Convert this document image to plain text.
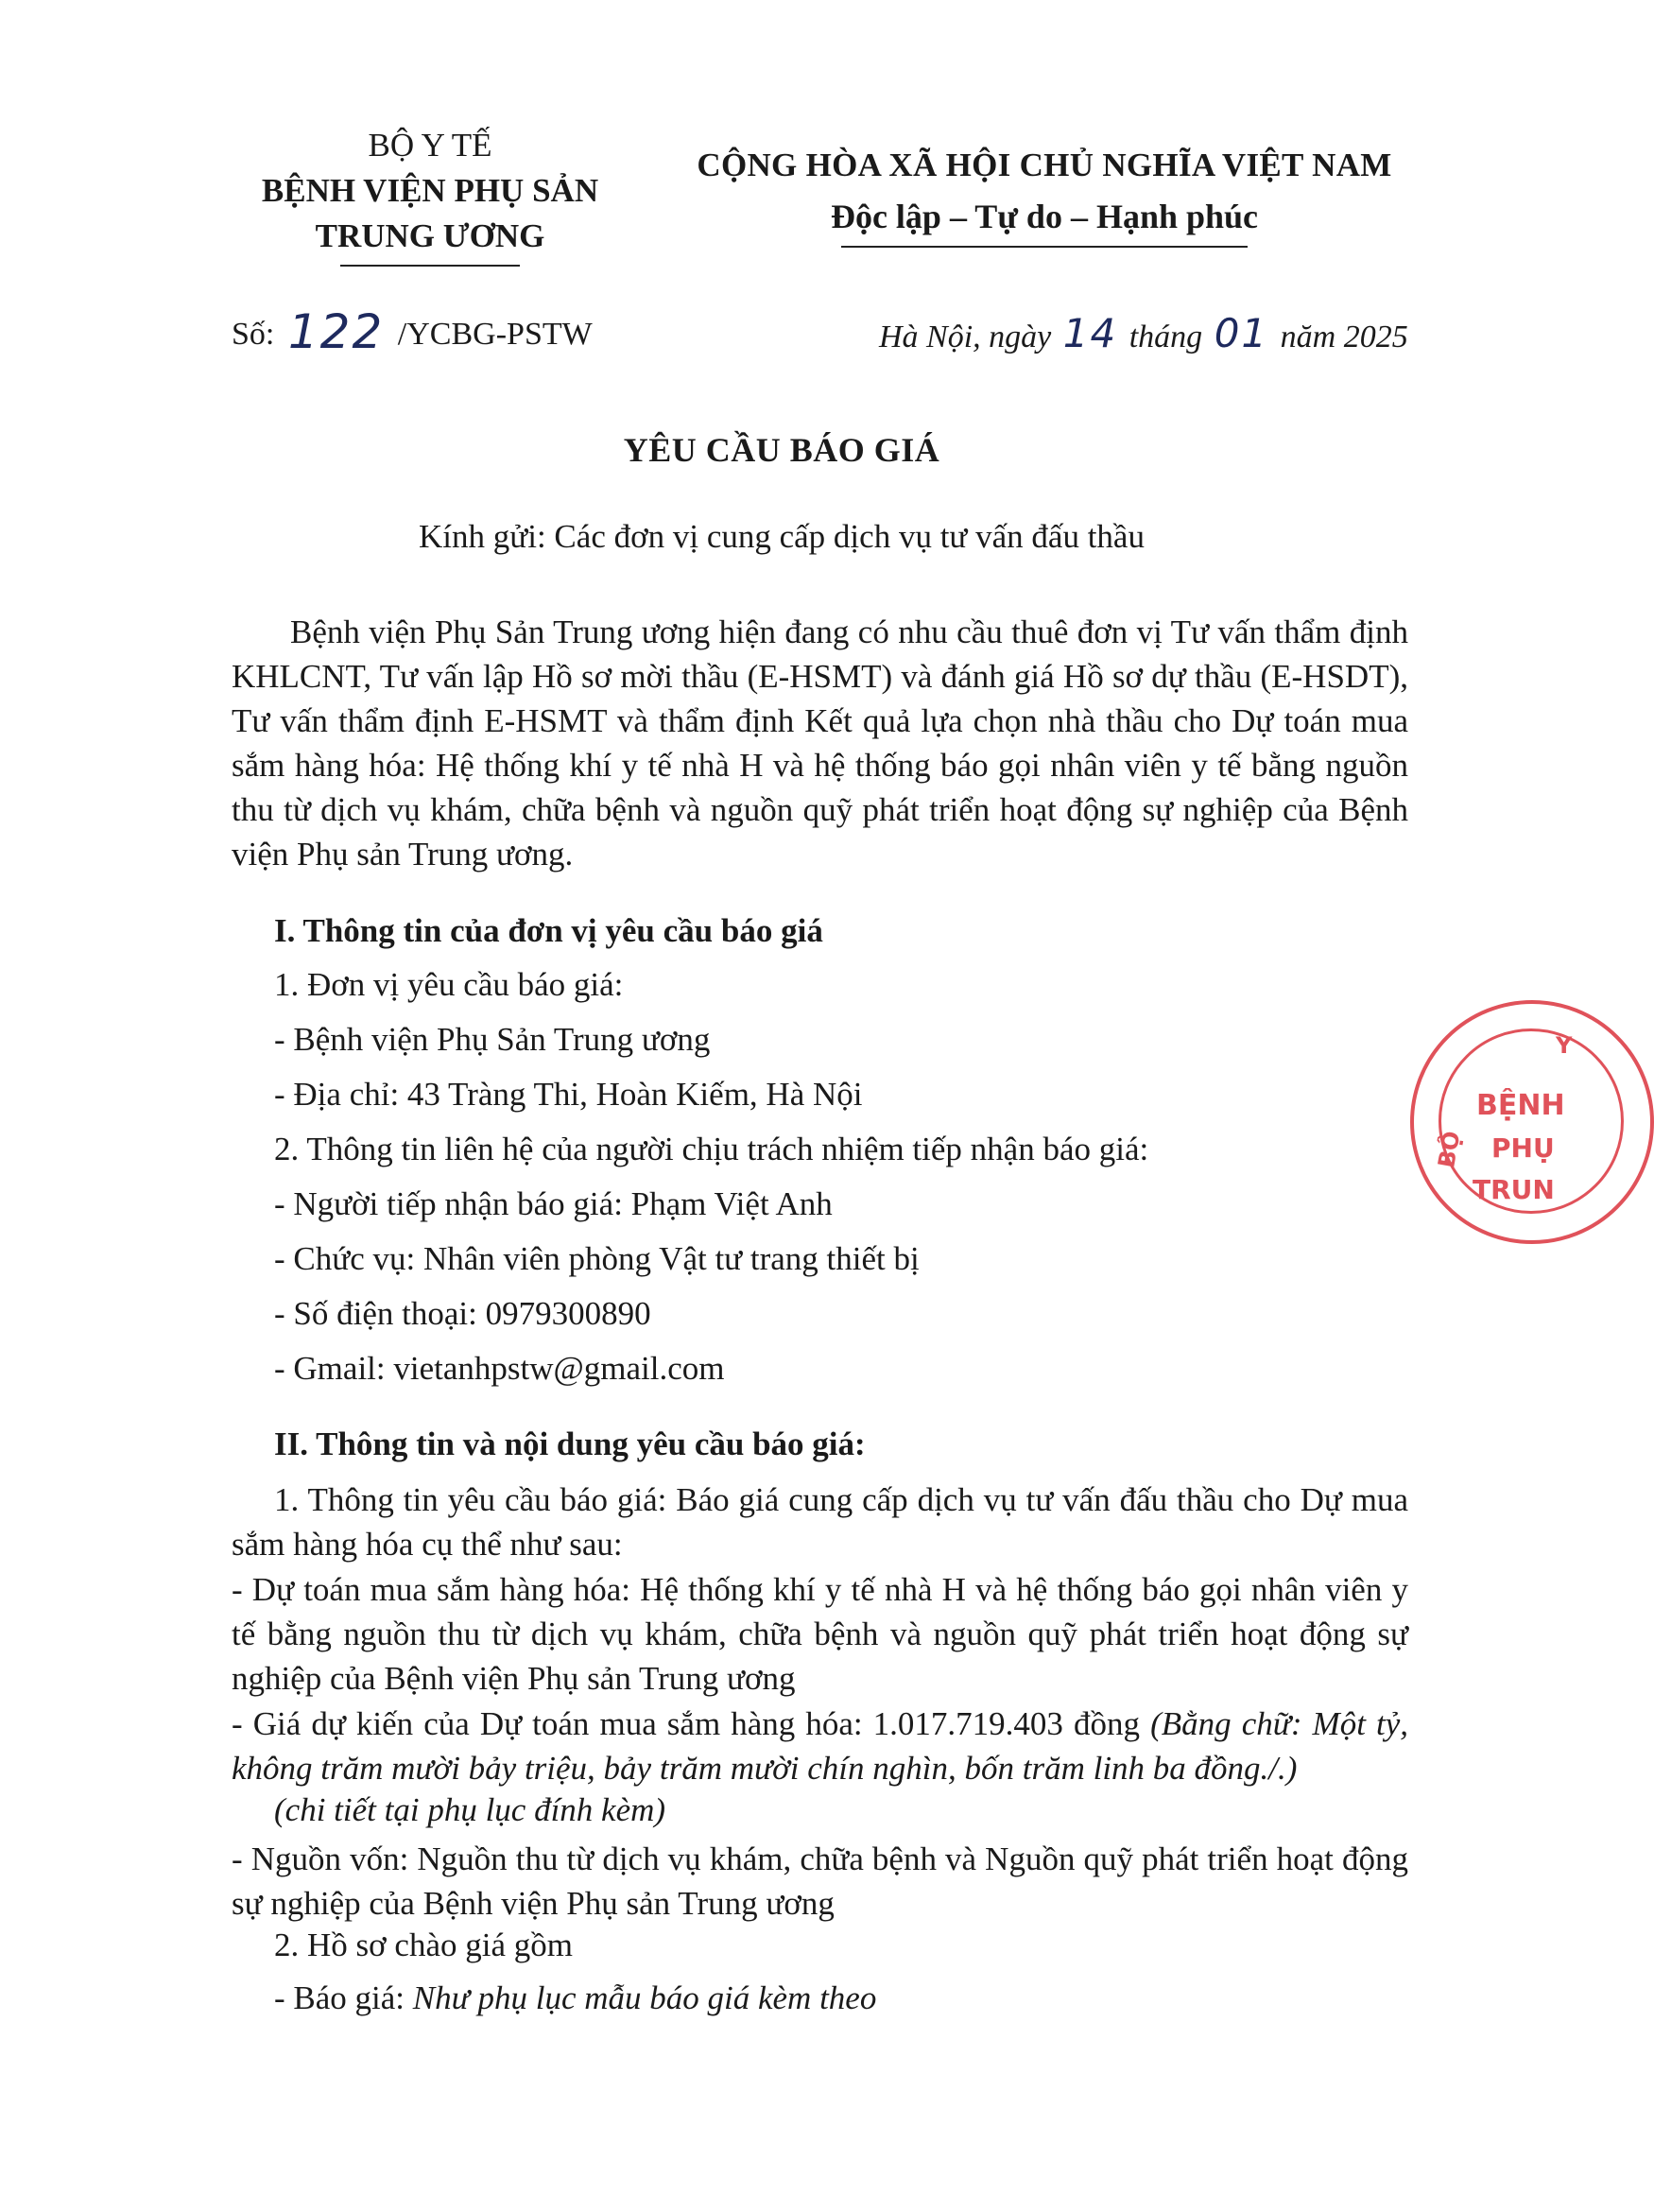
BỘ Y TẾ
BỆNH VIỆN PHỤ SẢN
TRUNG ƯƠNG
CỘNG HÒA XÃ HỘI CHỦ NGHĨA VIỆT NAM
Độc lập – Tự do – Hạnh phúc
Số: 122 /YCBG-PSTW	Hà Nội, ngày 14 tháng 01 năm 2025
YÊU CẦU BÁO GIÁ
Kính gửi: Các đơn vị cung cấp dịch vụ tư vấn đấu thầu
Bệnh viện Phụ Sản Trung ương hiện đang có nhu cầu thuê đơn vị Tư vấn thẩm định KHLCNT, Tư vấn lập Hồ sơ mời thầu (E-HSMT) và đánh giá Hồ sơ dự thầu (E-HSDT), Tư vấn thẩm định E-HSMT và thẩm định Kết quả lựa chọn nhà thầu cho Dự toán mua sắm hàng hóa: Hệ thống khí y tế nhà H và hệ thống báo gọi nhân viên y tế bằng nguồn thu từ dịch vụ khám, chữa bệnh và nguồn quỹ phát triển hoạt động sự nghiệp của Bệnh viện Phụ sản Trung ương.
I. Thông tin của đơn vị yêu cầu báo giá
1. Đơn vị yêu cầu báo giá:
- Bệnh viện Phụ Sản Trung ương
- Địa chỉ: 43 Tràng Thi, Hoàn Kiếm, Hà Nội
2. Thông tin liên hệ của người chịu trách nhiệm tiếp nhận báo giá:
- Người tiếp nhận báo giá: Phạm Việt Anh
- Chức vụ: Nhân viên phòng Vật tư trang thiết bị
- Số điện thoại: 0979300890
- Gmail: vietanhpstw@gmail.com
II. Thông tin và nội dung yêu cầu báo giá:
1. Thông tin yêu cầu báo giá: Báo giá cung cấp dịch vụ tư vấn đấu thầu cho Dự mua sắm hàng hóa cụ thể như sau:
- Dự toán mua sắm hàng hóa: Hệ thống khí y tế nhà H và hệ thống báo gọi nhân viên y tế bằng nguồn thu từ dịch vụ khám, chữa bệnh và nguồn quỹ phát triển hoạt động sự nghiệp của Bệnh viện Phụ sản Trung ương
- Giá dự kiến của Dự toán mua sắm hàng hóa: 1.017.719.403 đồng (Bằng chữ: Một tỷ, không trăm mười bảy triệu, bảy trăm mười chín nghìn, bốn trăm linh ba đồng./.)
(chi tiết tại phụ lục đính kèm)
- Nguồn vốn: Nguồn thu từ dịch vụ khám, chữa bệnh và Nguồn quỹ phát triển hoạt động sự nghiệp của Bệnh viện Phụ sản Trung ương
2. Hồ sơ chào giá gồm
- Báo giá: Như phụ lục mẫu báo giá kèm theo
Y
BỘ
BỆNH
PHỤ
TRUN
